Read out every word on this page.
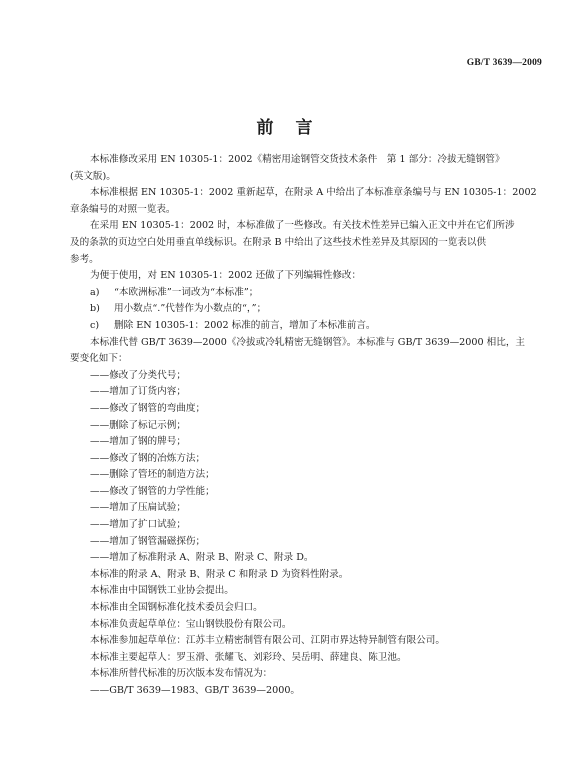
GB/T 3639—2009
前言

本标准修改采用 EN 10305-1：2002《精密用途钢管交货技术条件　第 1 部分：冷拔无缝钢管》

(英文版)。

本标准根据 EN 10305-1：2002 重新起草，在附录 A 中给出了本标准章条编号与 EN 10305-1：2002

章条编号的对照一览表。

在采用 EN 10305-1：2002 时，本标准做了一些修改。有关技术性差异已编入正文中并在它们所涉

及的条款的页边空白处用垂直单线标识。在附录 B 中给出了这些技术性差异及其原因的一览表以供

参考。

为便于使用，对 EN 10305-1：2002 还做了下列编辑性修改：

a) “本欧洲标准”一词改为“本标准”；

b) 用小数点“.”代替作为小数点的“，”；

c) 删除 EN 10305-1：2002 标准的前言，增加了本标准前言。

本标准代替 GB/T 3639—2000《冷拔或冷轧精密无缝钢管》。本标准与 GB/T 3639—2000 相比，主

要变化如下：

——修改了分类代号；

——增加了订货内容；

——修改了钢管的弯曲度；

——删除了标记示例；

——增加了钢的牌号；

——修改了钢的冶炼方法；

——删除了管坯的制造方法；

——修改了钢管的力学性能；

——增加了压扁试验；

——增加了扩口试验；

——增加了钢管漏磁探伤；

——增加了标准附录 A、附录 B、附录 C、附录 D。

本标准的附录 A、附录 B、附录 C 和附录 D 为资料性附录。

本标准由中国钢铁工业协会提出。

本标准由全国钢标准化技术委员会归口。

本标准负责起草单位：宝山钢铁股份有限公司。

本标准参加起草单位：江苏丰立精密制管有限公司、江阴市界达特异制管有限公司。

本标准主要起草人：罗玉滑、张耀飞、刘彩玲、吴岳明、薛建良、陈卫池。

本标准所替代标准的历次版本发布情况为：

——GB/T 3639—1983、GB/T 3639—2000。
